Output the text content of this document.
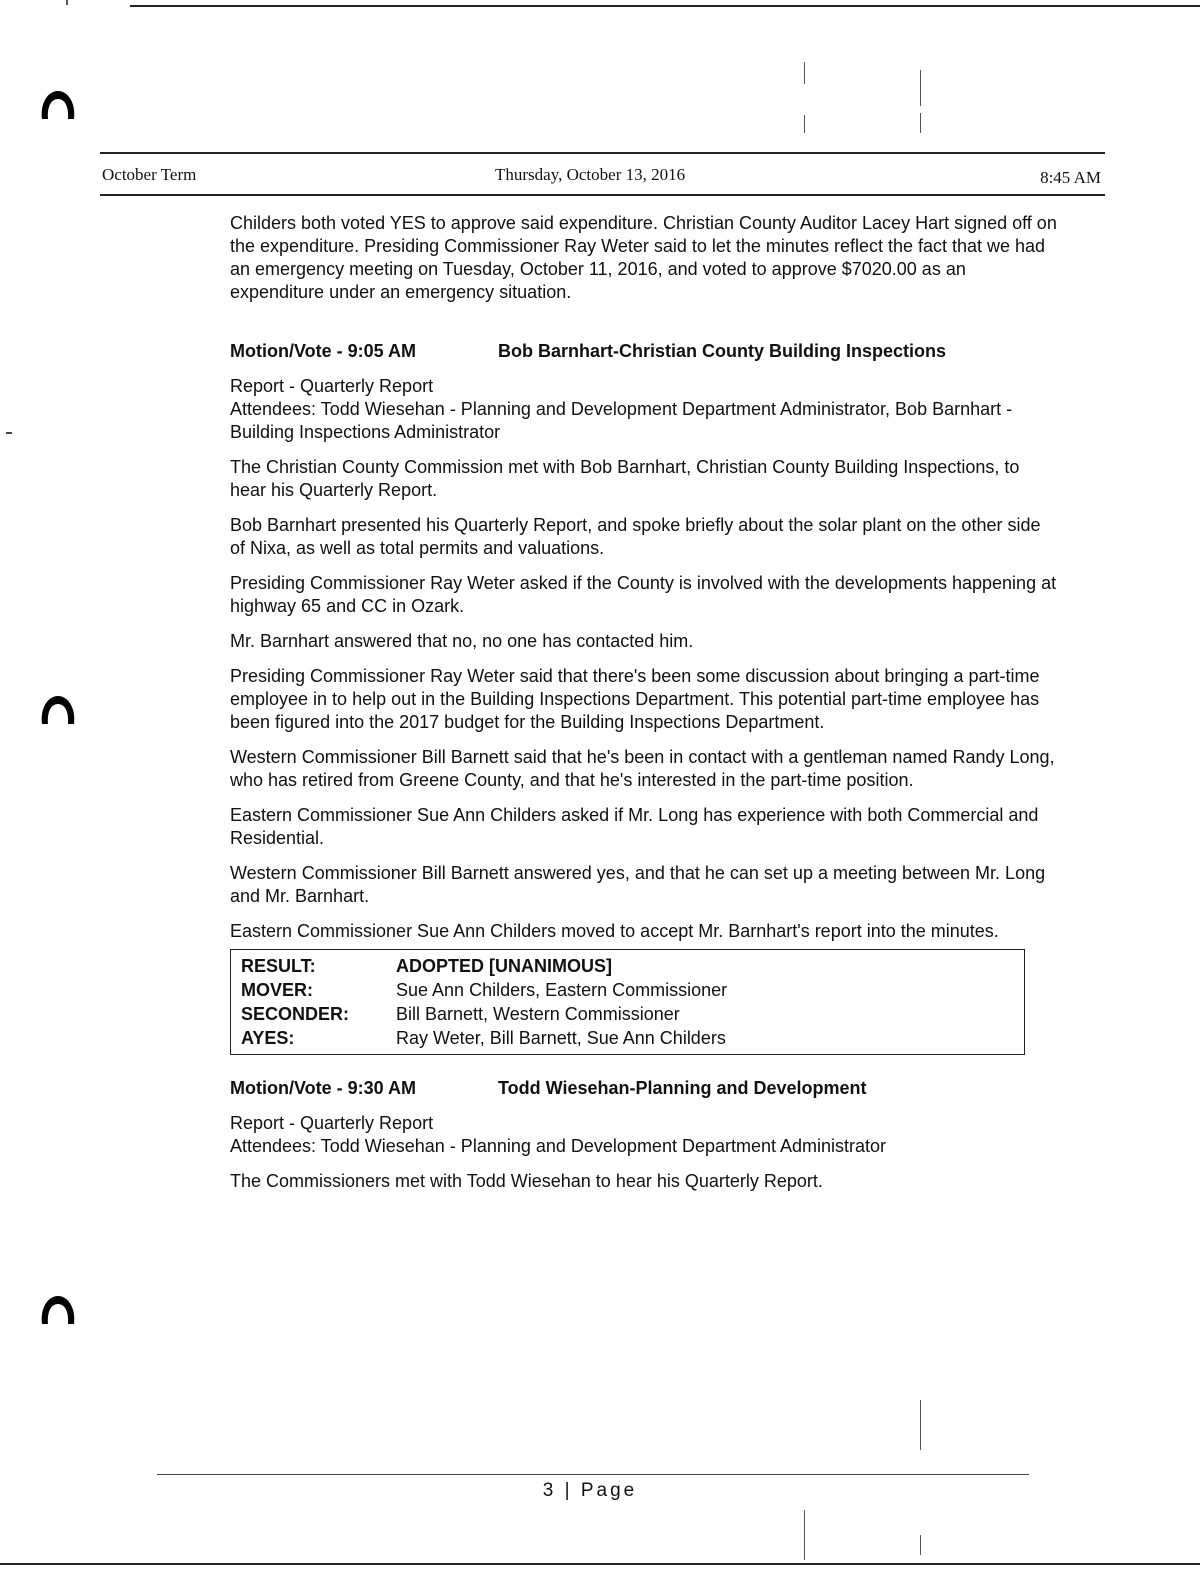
October Term	Thursday, October 13, 2016	8:45 AM

Childers both voted YES to approve said expenditure. Christian County Auditor Lacey Hart signed off on the expenditure. Presiding Commissioner Ray Weter said to let the minutes reflect the fact that we had an emergency meeting on Tuesday, October 11, 2016, and voted to approve $7020.00 as an expenditure under an emergency situation.

Motion/Vote - 9:05 AM	Bob Barnhart-Christian County Building Inspections

Report - Quarterly Report

Attendees: Todd Wiesehan - Planning and Development Department Administrator, Bob Barnhart - Building Inspections Administrator

The Christian County Commission met with Bob Barnhart, Christian County Building Inspections, to hear his Quarterly Report.

Bob Barnhart presented his Quarterly Report, and spoke briefly about the solar plant on the other side of Nixa, as well as total permits and valuations.

Presiding Commissioner Ray Weter asked if the County is involved with the developments happening at highway 65 and CC in Ozark.

Mr. Barnhart answered that no, no one has contacted him.

Presiding Commissioner Ray Weter said that there's been some discussion about bringing a part-time employee in to help out in the Building Inspections Department. This potential part-time employee has been figured into the 2017 budget for the Building Inspections Department.

Western Commissioner Bill Barnett said that he's been in contact with a gentleman named Randy Long, who has retired from Greene County, and that he's interested in the part-time position.

Eastern Commissioner Sue Ann Childers asked if Mr. Long has experience with both Commercial and Residential.

Western Commissioner Bill Barnett answered yes, and that he can set up a meeting between Mr. Long and Mr. Barnhart.

Eastern Commissioner Sue Ann Childers moved to accept Mr. Barnhart's report into the minutes.

RESULT:	ADOPTED [UNANIMOUS]
MOVER:	Sue Ann Childers, Eastern Commissioner
SECONDER:	Bill Barnett, Western Commissioner
AYES:	Ray Weter, Bill Barnett, Sue Ann Childers

Motion/Vote - 9:30 AM	Todd Wiesehan-Planning and Development

Report - Quarterly Report

Attendees: Todd Wiesehan - Planning and Development Department Administrator

The Commissioners met with Todd Wiesehan to hear his Quarterly Report.

3 | Page
